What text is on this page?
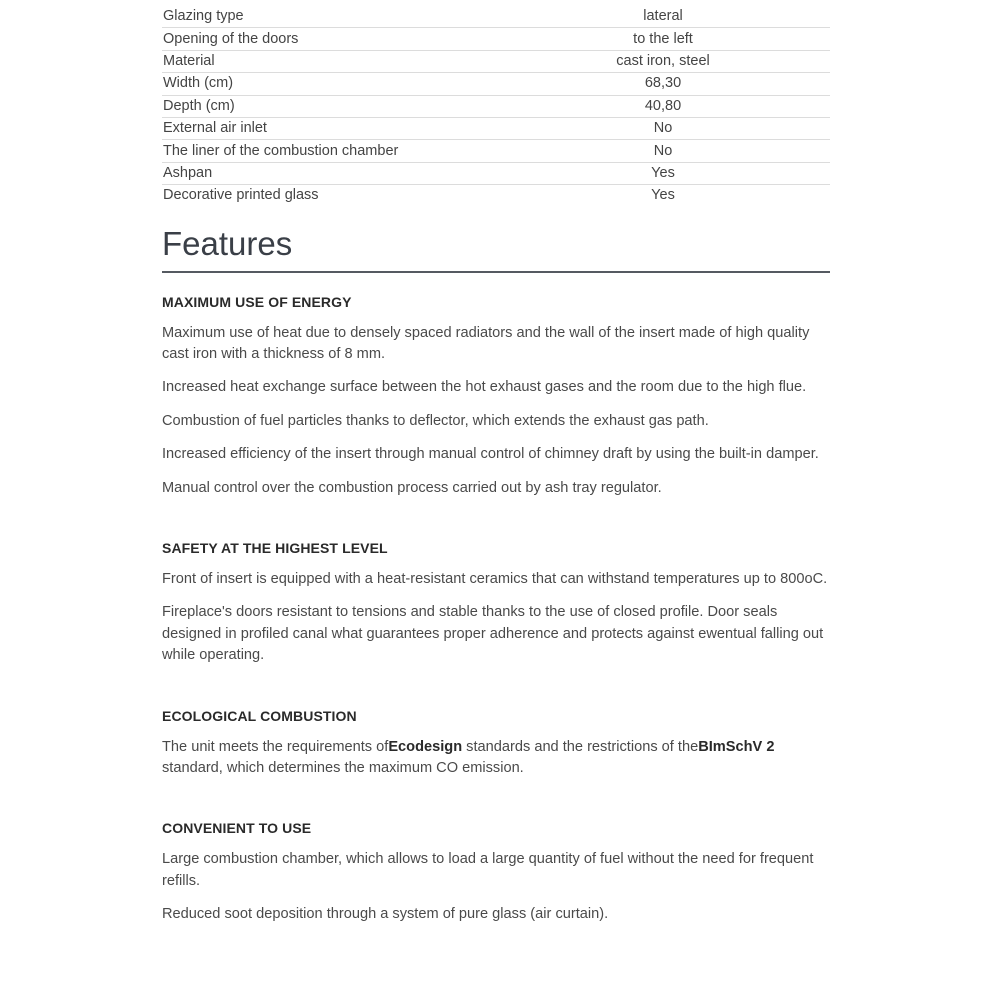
Glazing type	lateral
Opening of the doors	to the left
Material	cast iron, steel
Width (cm)	68,30
Depth (cm)	40,80
External air inlet	No
The liner of the combustion chamber	No
Ashpan	Yes
Decorative printed glass	Yes
Features
MAXIMUM USE OF ENERGY

Maximum use of heat due to densely spaced radiators and the wall of the insert made of high quality cast iron with a thickness of 8 mm.

Increased heat exchange surface between the hot exhaust gases and the room due to the high flue.

Combustion of fuel particles thanks to deflector, which extends the exhaust gas path.

Increased efficiency of the insert through manual control of chimney draft by using the built-in damper.

Manual control over the combustion process carried out by ash tray regulator.

SAFETY AT THE HIGHEST LEVEL

Front of insert is equipped with a heat-resistant ceramics that can withstand temperatures up to 800oC.

Fireplace's doors resistant to tensions and stable thanks to the use of closed profile. Door seals designed in profiled canal what guarantees proper adherence and protects against ewentual falling out while operating.

ECOLOGICAL COMBUSTION

The unit meets the requirements ofEcodesign standards and the restrictions of theBImSchV 2
standard, which determines the maximum CO emission.

CONVENIENT TO USE

Large combustion chamber, which allows to load a large quantity of fuel without the need for frequent refills.

Reduced soot deposition through a system of pure glass (air curtain).
